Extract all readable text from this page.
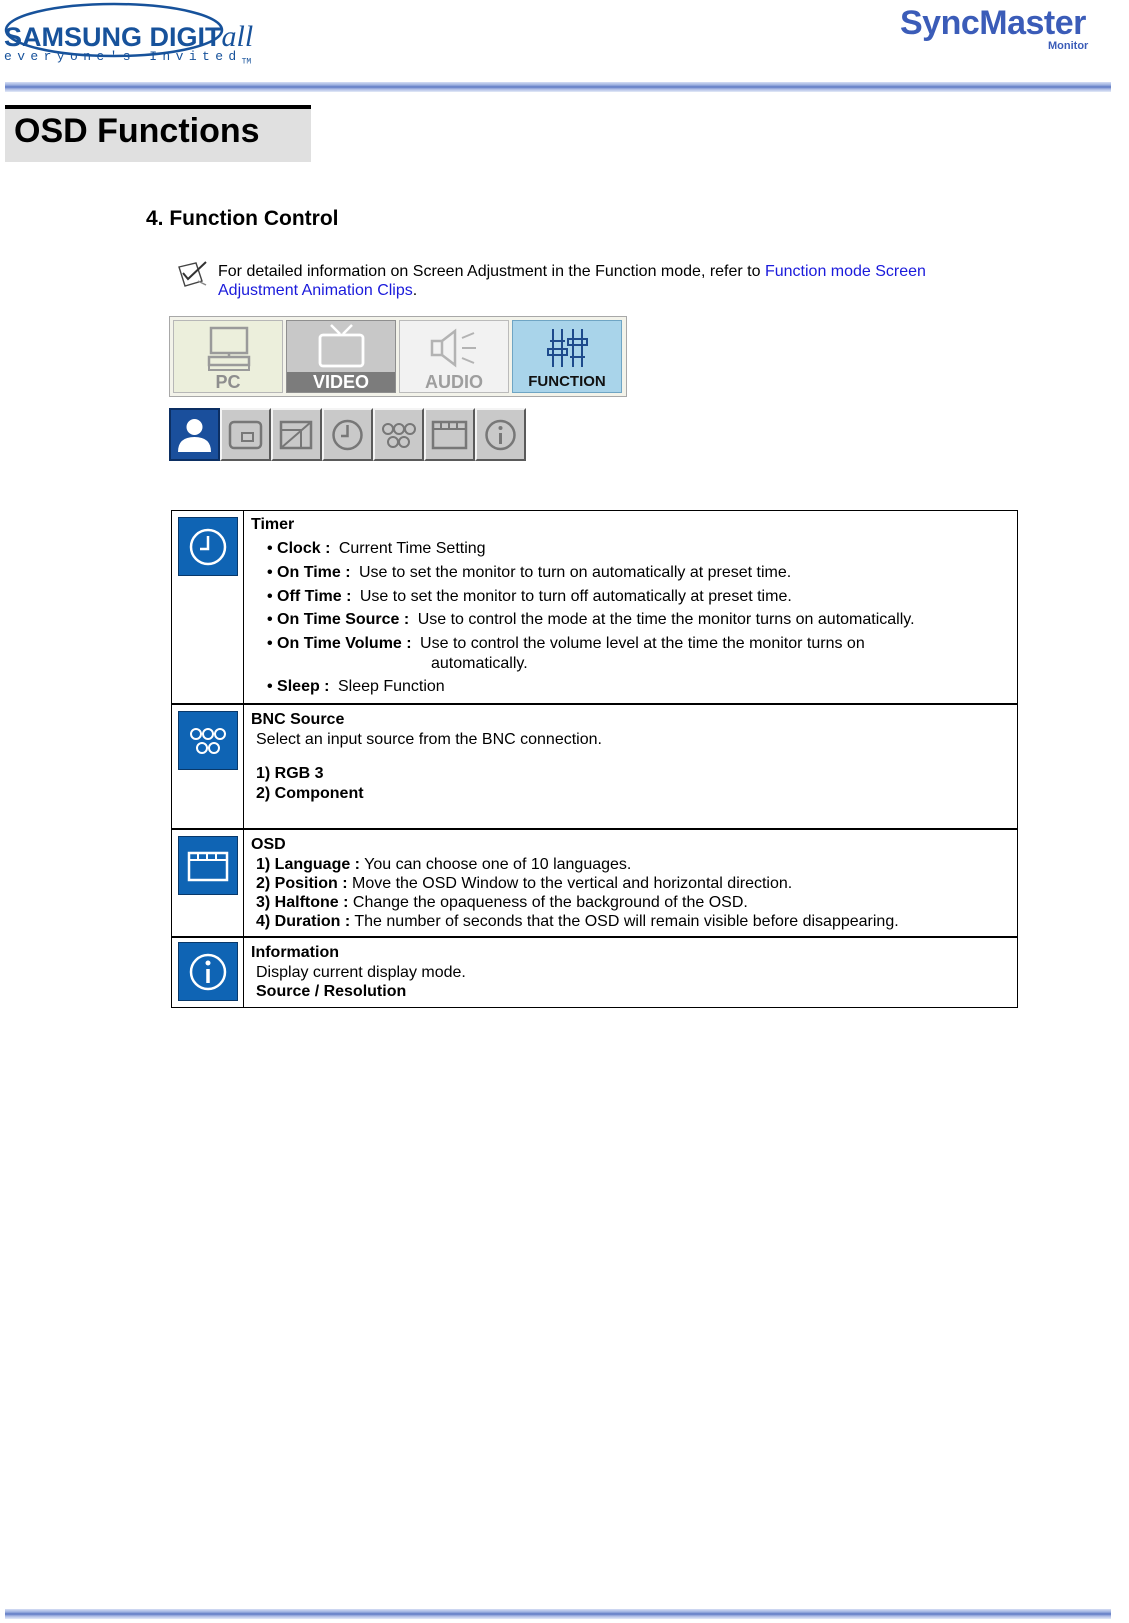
SAMSUNG DIGITall
everyone's Invited$_{TM}$
SyncMaster
Monitor
OSD Functions
4. Function Control
For detailed information on Screen Adjustment in the Function mode, refer to Function mode Screen Adjustment Animation Clips.
PC	VIDEO	AUDIO	FUNCTION
Timer
• Clock : Current Time Setting
• On Time : Use to set the monitor to turn on automatically at preset time.
• Off Time : Use to set the monitor to turn off automatically at preset time.
• On Time Source : Use to control the mode at the time the monitor turns on automatically.
• On Time Volume : Use to control the volume level at the time the monitor turns on
automatically.
• Sleep : Sleep Function
BNC Source
Select an input source from the BNC connection.
1) RGB 3
2) Component
OSD
1) Language : You can choose one of 10 languages.
2) Position : Move the OSD Window to the vertical and horizontal direction.
3) Halftone : Change the opaqueness of the background of the OSD.
4) Duration : The number of seconds that the OSD will remain visible before disappearing.
Information
Display current display mode.
Source / Resolution
